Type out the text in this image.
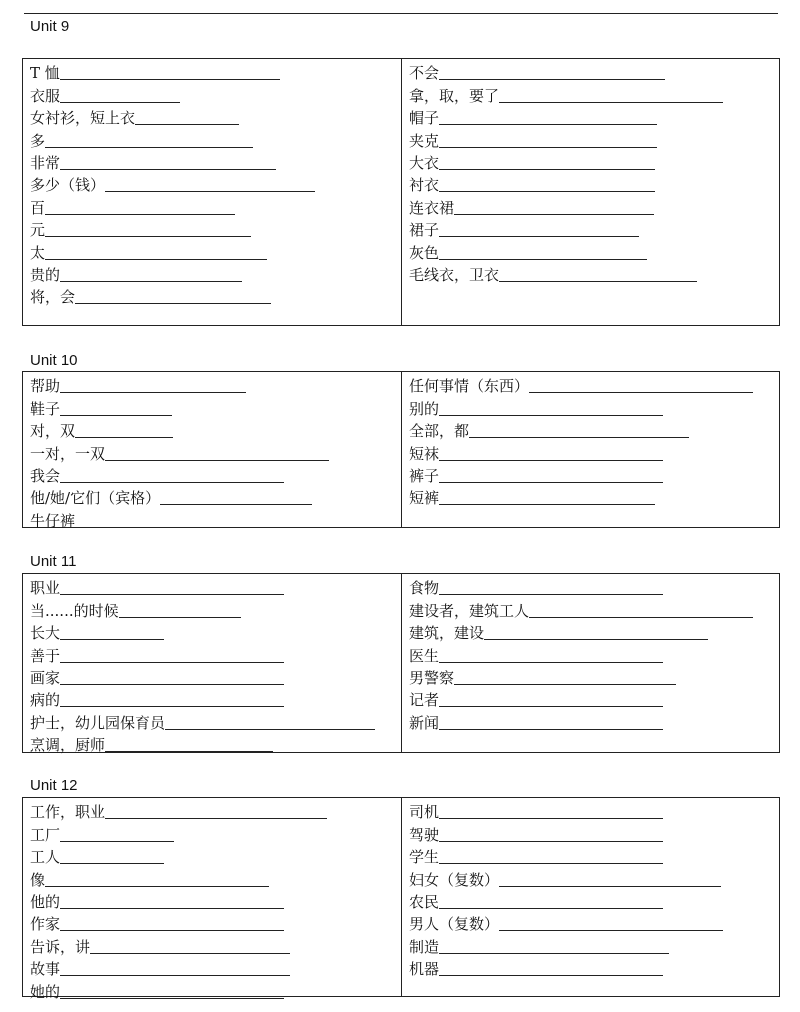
Unit 9
T 恤
衣服
女衬衫，短上衣
多
非常
多少（钱）
百
元
太
贵的
将，会
不会
拿，取，要了
帽子
夹克
大衣
衬衣
连衣裙
裙子
灰色
毛线衣，卫衣
Unit 10
帮助
鞋子
对，双
一对，一双
我会
他/她/它们（宾格）
牛仔裤
任何事情（东西）
别的
全部，都
短袜
裤子
短裤
Unit 11
职业
当......的时候
长大
善于
画家
病的
护士，幼儿园保育员
烹调，厨师
食物
建设者，建筑工人
建筑，建设
医生
男警察
记者
新闻
Unit 12
工作，职业
工厂
工人
像
他的
作家
告诉，讲
故事
她的
司机
驾驶
学生
妇女（复数）
农民
男人（复数）
制造
机器
